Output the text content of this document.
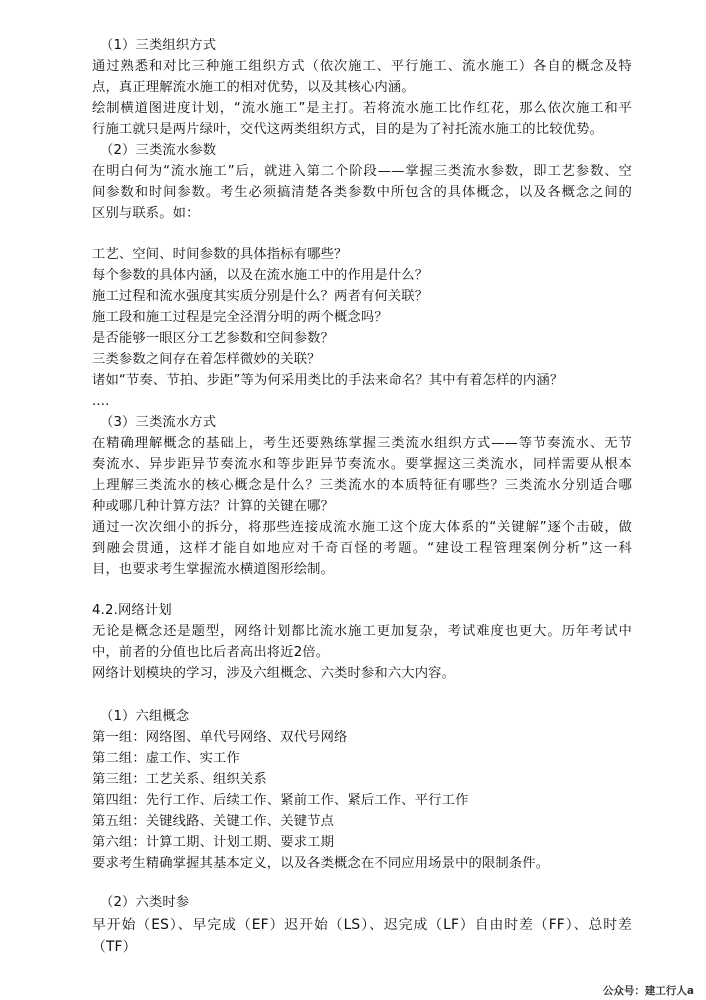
（1）三类组织方式
通过熟悉和对比三种施工组织方式（依次施工、平行施工、流水施工）各自的概念及特
点，真正理解流水施工的相对优势，以及其核心内涵。
绘制横道图进度计划，“流水施工”是主打。若将流水施工比作红花，那么依次施工和平
行施工就只是两片绿叶，交代这两类组织方式，目的是为了衬托流水施工的比较优势。
（2）三类流水参数
在明白何为“流水施工”后，就进入第二个阶段——掌握三类流水参数，即工艺参数、空
间参数和时间参数。考生必须搞清楚各类参数中所包含的具体概念，以及各概念之间的
区别与联系。如：
工艺、空间、时间参数的具体指标有哪些？
每个参数的具体内涵，以及在流水施工中的作用是什么？
施工过程和流水强度其实质分别是什么？两者有何关联？
施工段和施工过程是完全泾渭分明的两个概念吗？
是否能够一眼区分工艺参数和空间参数？
三类参数之间存在着怎样微妙的关联？
诸如“节奏、节拍、步距”等为何采用类比的手法来命名？其中有着怎样的内涵？
....
（3）三类流水方式
在精确理解概念的基础上，考生还要熟练掌握三类流水组织方式——等节奏流水、无节
奏流水、异步距异节奏流水和等步距异节奏流水。要掌握这三类流水，同样需要从根本
上理解三类流水的核心概念是什么？三类流水的本质特征有哪些？三类流水分别适合哪
种或哪几种计算方法？计算的关键在哪？
通过一次次细小的拆分，将那些连接成流水施工这个庞大体系的“关键解”逐个击破，做
到融会贯通，这样才能自如地应对千奇百怪的考题。“建设工程管理案例分析”这一科
目，也要求考生掌握流水横道图形绘制。
4.2.网络计划
无论是概念还是题型，网络计划都比流水施工更加复杂，考试难度也更大。历年考试中
中，前者的分值也比后者高出将近2倍。
网络计划模块的学习，涉及六组概念、六类时参和六大内容。
（1）六组概念
第一组：网络图、单代号网络、双代号网络
第二组：虚工作、实工作
第三组：工艺关系、组织关系
第四组：先行工作、后续工作、紧前工作、紧后工作、平行工作
第五组：关键线路、关键工作、关键节点
第六组：计算工期、计划工期、要求工期
要求考生精确掌握其基本定义，以及各类概念在不同应用场景中的限制条件。
（2）六类时参
早开始（ES）、早完成（EF）迟开始（LS）、迟完成（LF）自由时差（FF）、总时差
（TF）
公众号：建工行人a
